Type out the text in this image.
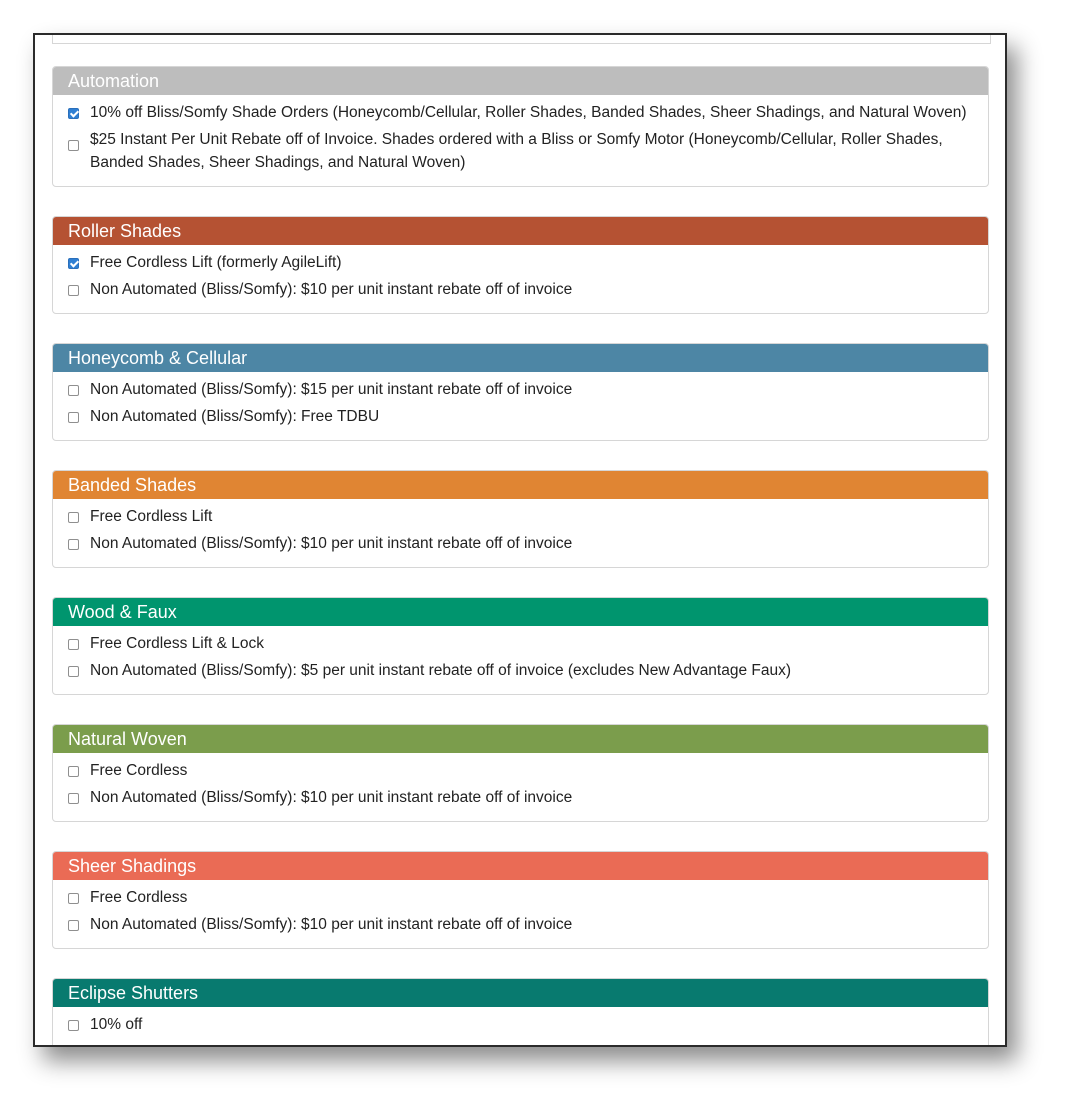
Automation
10% off Bliss/Somfy Shade Orders (Honeycomb/Cellular, Roller Shades, Banded Shades, Sheer Shadings, and Natural Woven)
$25 Instant Per Unit Rebate off of Invoice. Shades ordered with a Bliss or Somfy Motor (Honeycomb/Cellular, Roller Shades, Banded Shades, Sheer Shadings, and Natural Woven)
Roller Shades
Free Cordless Lift (formerly AgileLift)
Non Automated (Bliss/Somfy): $10 per unit instant rebate off of invoice
Honeycomb & Cellular
Non Automated (Bliss/Somfy): $15 per unit instant rebate off of invoice
Non Automated (Bliss/Somfy): Free TDBU
Banded Shades
Free Cordless Lift
Non Automated (Bliss/Somfy): $10 per unit instant rebate off of invoice
Wood & Faux
Free Cordless Lift & Lock
Non Automated (Bliss/Somfy): $5 per unit instant rebate off of invoice (excludes New Advantage Faux)
Natural Woven
Free Cordless
Non Automated (Bliss/Somfy): $10 per unit instant rebate off of invoice
Sheer Shadings
Free Cordless
Non Automated (Bliss/Somfy): $10 per unit instant rebate off of invoice
Eclipse Shutters
10% off
